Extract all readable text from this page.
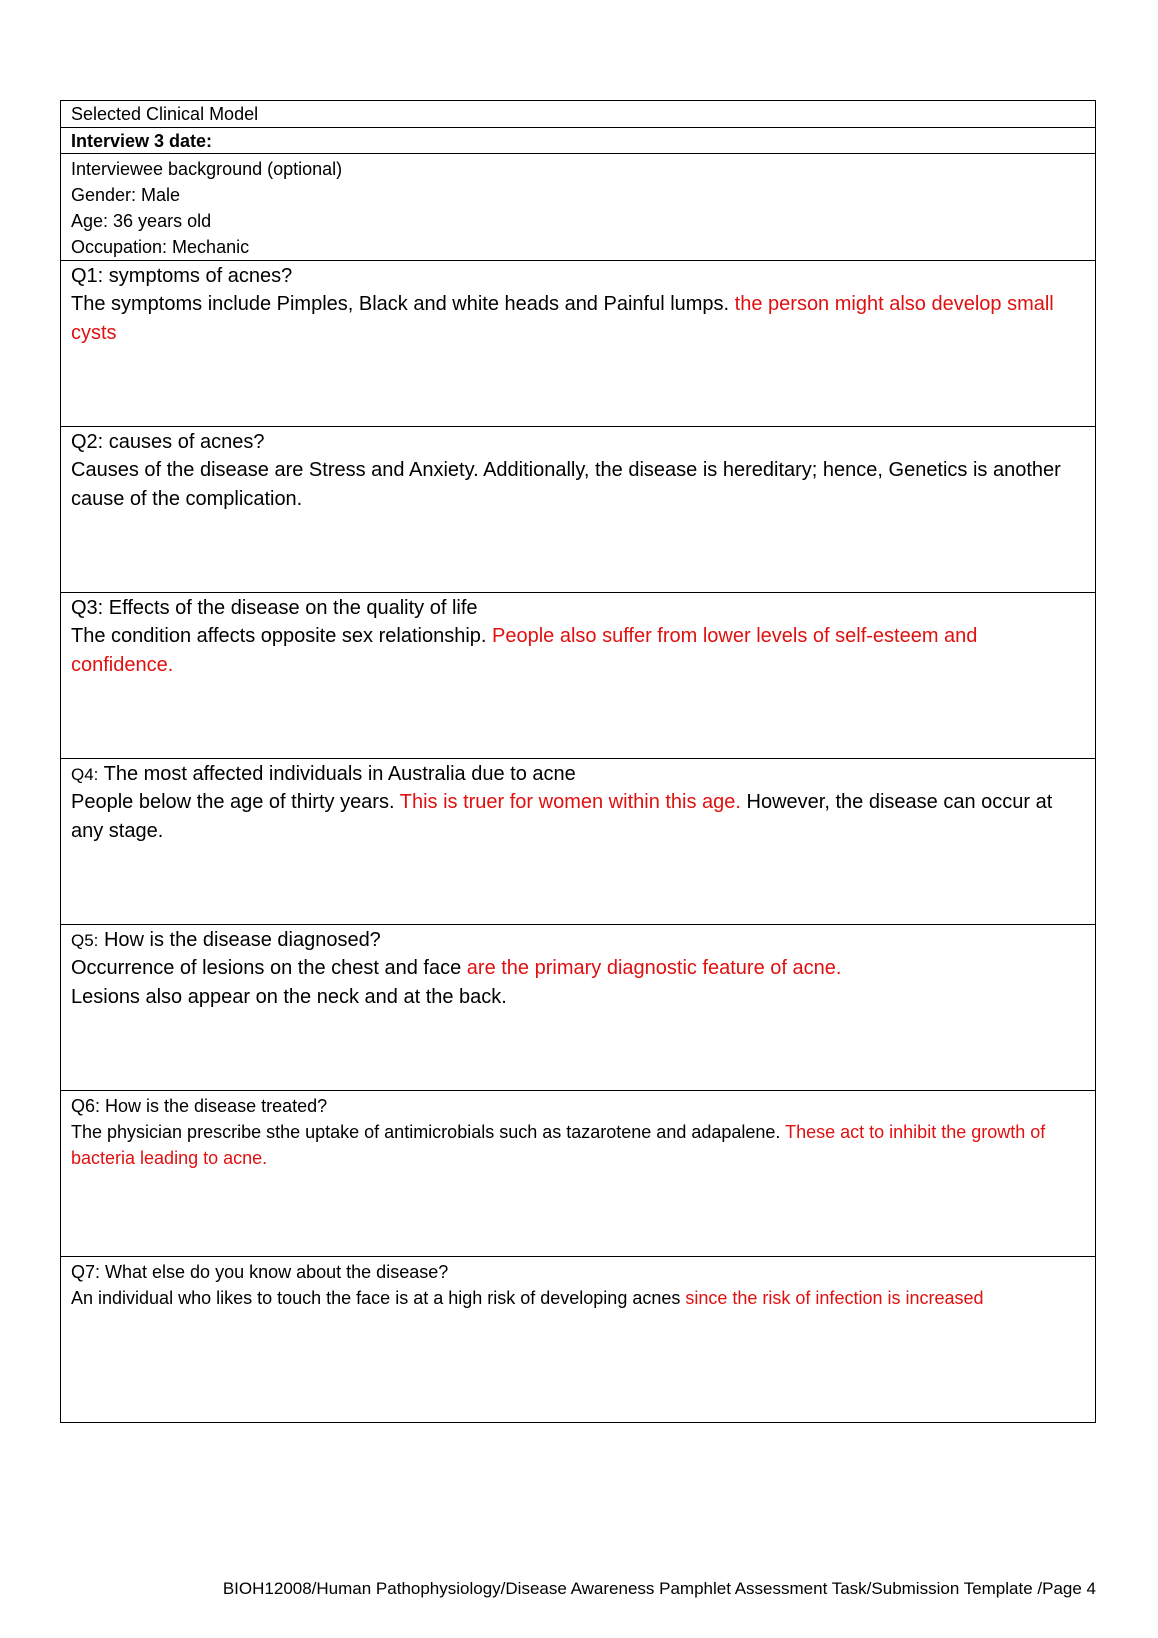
Selected Clinical Model
Interview 3 date:
Interviewee background (optional)
Gender: Male
Age: 36 years old
Occupation: Mechanic
Q1: symptoms of acnes?
The symptoms include Pimples, Black and white heads and Painful lumps. the person might also develop small cysts
Q2: causes of acnes?
Causes of the disease are Stress and Anxiety. Additionally, the disease is hereditary; hence, Genetics is another cause of the complication.
Q3: Effects of the disease on the quality of life
The condition affects opposite sex relationship. People also suffer from lower levels of self-esteem and confidence.
Q4: The most affected individuals in Australia due to acne
People below the age of thirty years. This is truer for women within this age. However, the disease can occur at any stage.
Q5: How is the disease diagnosed?
Occurrence of lesions on the chest and face are the primary diagnostic feature of acne.
Lesions also appear on the neck and at the back.
Q6: How is the disease treated?
The physician prescribe sthe uptake of antimicrobials such as tazarotene and adapalene. These act to inhibit the growth of bacteria leading to acne.
Q7: What else do you know about the disease?
An individual who likes to touch the face is at a high risk of developing acnes since the risk of infection is increased
BIOH12008/Human Pathophysiology/Disease Awareness Pamphlet Assessment Task/Submission Template /Page 4
